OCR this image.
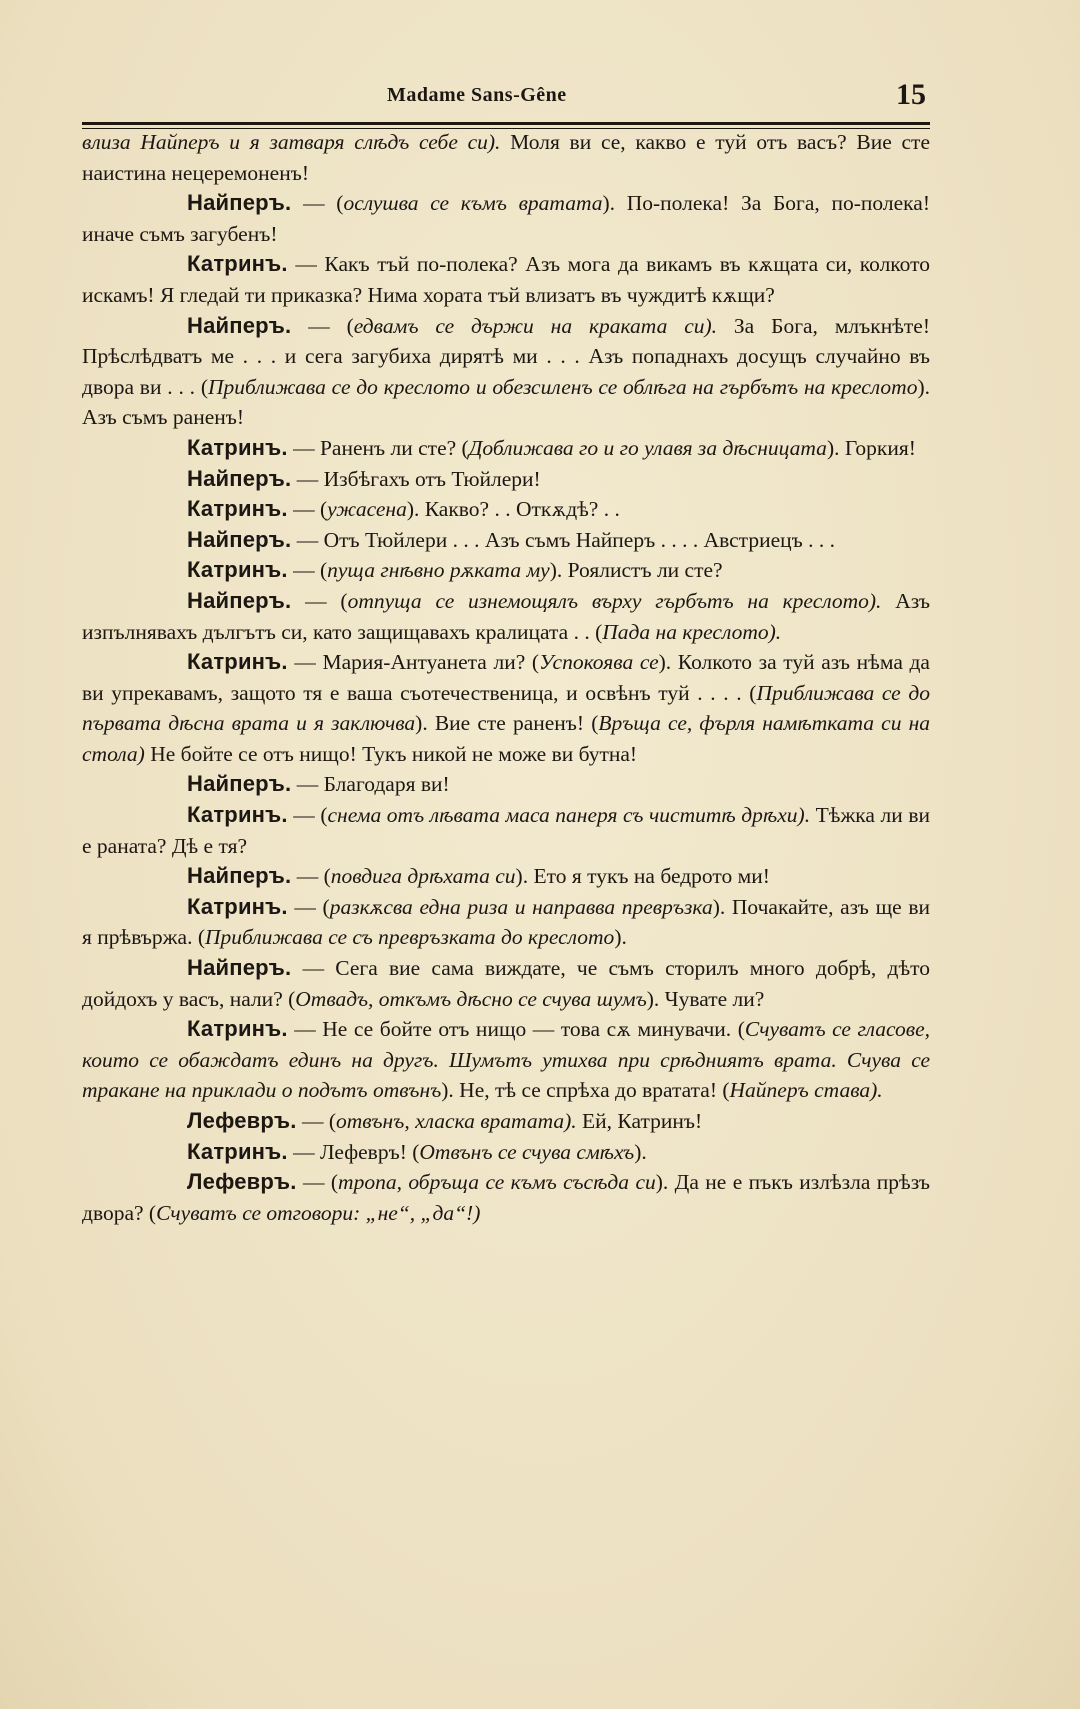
Madame Sans-Gêne	15

влиза Найперъ и я затваря слѣдъ себе си). Моля ви се, какво е туй отъ васъ? Вие сте наистина нецеремоненъ!

Найперъ. — (ослушва се къмъ вратата). По-полека! За Бога, по-полека! иначе съмъ загубенъ!

Катринъ. — Какъ тъй по-полека? Азъ мога да викамъ въ кѫщата си, колкото искамъ! Я гледай ти приказка? Нима хората тъй влизатъ въ чуждитѣ кѫщи?

Найперъ. — (едвамъ се държи на краката си). За Бога, млъкнѣте! Прѣслѣдватъ ме . . . и сега загубиха дирятѣ ми . . . Азъ попаднахъ досущъ случайно въ двора ви . . . (Приближава се до креслото и обезсиленъ се облѣга на гърбътъ на креслото). Азъ съмъ раненъ!

Катринъ. — Раненъ ли сте? (Доближава го и го улавя за дѣсницата). Горкия!

Найперъ. — Избѣгахъ отъ Тюйлери!

Катринъ. — (ужасена). Какво? . . Откѫдѣ? . .

Найперъ. — Отъ Тюйлери . . . Азъ съмъ Найперъ . . . . Австриецъ . . .

Катринъ. — (пуща гнѣвно рѫката му). Роялистъ ли сте?

Найперъ. — (отпуща се изнемощялъ върху гърбътъ на креслото). Азъ изпълнявахъ дългътъ си, като защищавахъ кралицата . . (Пада на креслото).

Катринъ. — Мария-Антуанета ли? (Успокоява се). Колкото за туй азъ нѣма да ви упрекавамъ, защото тя е ваша съотечественица, и освѣнъ туй . . . . (Приближава се до първата дѣсна врата и я заключва). Вие сте раненъ! (Връща се, фърля намѣтката си на стола) Не бойте се отъ нищо! Тукъ никой не може ви бутна!

Найперъ. — Благодаря ви!

Катринъ. — (снема отъ лѣвата маса панеря съ чиститѣ дрѣхи). Тѣжка ли ви е раната? Дѣ е тя?

Найперъ. — (повдига дрѣхата си). Ето я тукъ на бедрото ми!

Катринъ. — (разкѫсва една риза и направва превръзка). Почакайте, азъ ще ви я прѣвържа. (Приближава се съ превръзката до креслото).

Найперъ. — Сега вие сама виждате, че съмъ сторилъ много добрѣ, дѣто дойдохъ у васъ, нали? (Отвадъ, откъмъ дѣсно се счува шумъ). Чувате ли?

Катринъ. — Не се бойте отъ нищо — това сѫ минувачи. (Счуватъ се гласове, които се обаждатъ единъ на другъ. Шумътъ утихва при срѣдниятъ врата. Счува се тракане на приклади о подътъ отвънъ). Не, тѣ се спрѣха до вратата! (Найперъ става).

Лефевръ. — (отвънъ, хласка вратата). Ей, Катринъ!

Катринъ. — Лефевръ! (Отвънъ се счува смѣхъ).

Лефевръ. — (тропа, обръща се къмъ съсѣда си). Да не е пъкъ излѣзла прѣзъ двора? (Счуватъ се отговори: „не“, „да“!)
